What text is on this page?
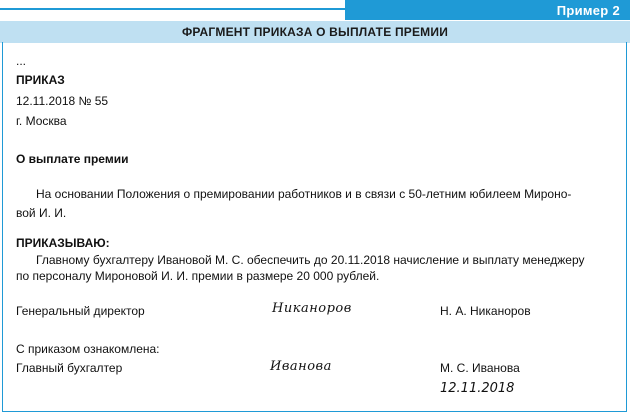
Пример 2
ФРАГМЕНТ ПРИКАЗА О ВЫПЛАТЕ ПРЕМИИ
...
ПРИКАЗ
12.11.2018 № 55
г. Москва
О выплате премии
На основании Положения о премировании работников и в связи с 50-летним юбилеем Мироно-
вой И. И.
ПРИКАЗЫВАЮ:
Главному бухгалтеру Ивановой М. С. обеспечить до 20.11.2018 начисление и выплату менеджеру
по персоналу Мироновой И. И. премии в размере 20 000 рублей.
Генеральный директор	Никаноров	Н. А. Никаноров
С приказом ознакомлена:
Главный бухгалтер	Иванова	М. С. Иванова
12.11.2018
